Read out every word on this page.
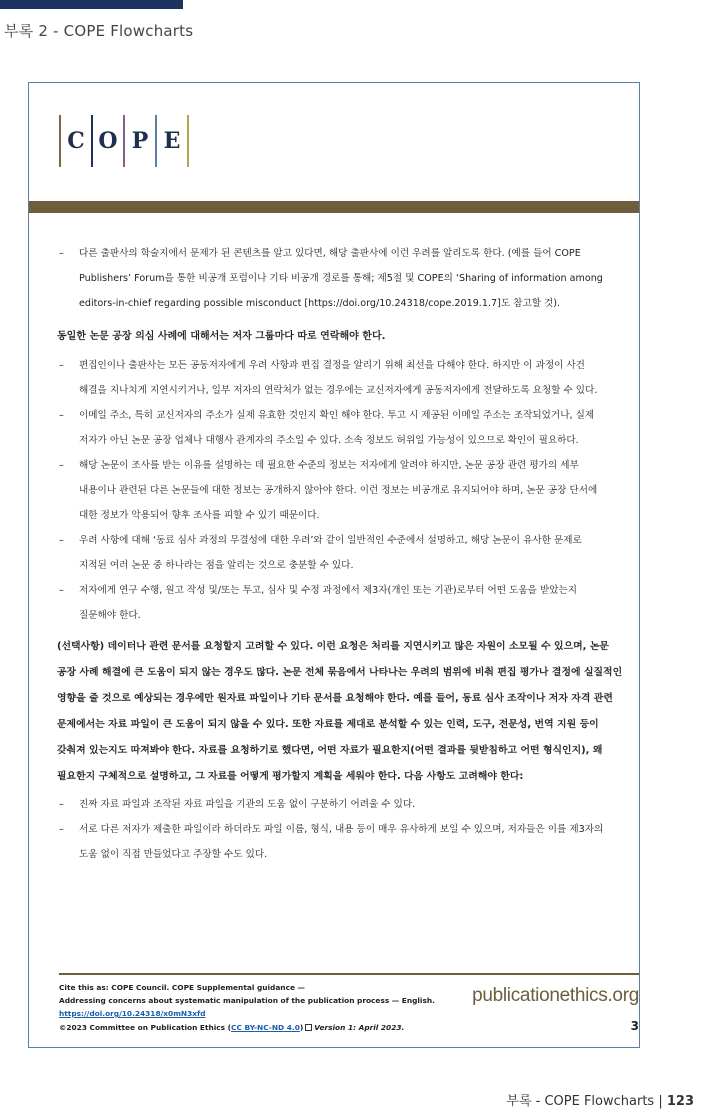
부록 2 - COPE Flowcharts
C O P E
– 다른 출판사의 학술지에서 문제가 된 콘텐츠를 알고 있다면, 해당 출판사에 이런 우려를 알리도록 한다. (예를 들어 COPE
Publishers’ Forum을 통한 비공개 포럼이나 기타 비공개 경로를 통해; 제5절 및 COPE의 ‘Sharing of information among
editors-in-chief regarding possible misconduct [https://doi.org/10.24318/cope.2019.1.7]도 참고할 것).
동일한 논문 공장 의심 사례에 대해서는 저자 그룹마다 따로 연락해야 한다.
– 편집인이나 출판사는 모든 공동저자에게 우려 사항과 편집 결정을 알리기 위해 최선을 다해야 한다. 하지만 이 과정이 사건
해결을 지나치게 지연시키거나, 일부 저자의 연락처가 없는 경우에는 교신저자에게 공동저자에게 전달하도록 요청할 수 있다.
– 이메일 주소, 특히 교신저자의 주소가 실제 유효한 것인지 확인 해야 한다. 투고 시 제공된 이메일 주소는 조작되었거나, 실제
저자가 아닌 논문 공장 업체나 대행사 관계자의 주소일 수 있다. 소속 정보도 허위일 가능성이 있으므로 확인이 필요하다.
– 해당 논문이 조사를 받는 이유를 설명하는 데 필요한 수준의 정보는 저자에게 알려야 하지만, 논문 공장 관련 평가의 세부
내용이나 관련된 다른 논문들에 대한 정보는 공개하지 않아야 한다. 이런 정보는 비공개로 유지되어야 하며, 논문 공장 단서에
대한 정보가 악용되어 향후 조사를 피할 수 있기 때문이다.
– 우려 사항에 대해 ‘동료 심사 과정의 무결성에 대한 우려’와 같이 일반적인 수준에서 설명하고, 해당 논문이 유사한 문제로
지적된 여러 논문 중 하나라는 점을 알리는 것으로 충분할 수 있다.
– 저자에게 연구 수행, 원고 작성 및/또는 투고, 심사 및 수정 과정에서 제3자(개인 또는 기관)로부터 어떤 도움을 받았는지
질문해야 한다.
(선택사항) 데이터나 관련 문서를 요청할지 고려할 수 있다. 이런 요청은 처리를 지연시키고 많은 자원이 소모될 수 있으며, 논문
공장 사례 해결에 큰 도움이 되지 않는 경우도 많다. 논문 전체 묶음에서 나타나는 우려의 범위에 비춰 편집 평가나 결정에 실질적인
영향을 줄 것으로 예상되는 경우에만 원자료 파일이나 기타 문서를 요청해야 한다. 예를 들어, 동료 심사 조작이나 저자 자격 관련
문제에서는 자료 파일이 큰 도움이 되지 않을 수 있다. 또한 자료를 제대로 분석할 수 있는 인력, 도구, 전문성, 번역 지원 등이
갖춰져 있는지도 따져봐야 한다. 자료를 요청하기로 했다면, 어떤 자료가 필요한지(어떤 결과를 뒷받침하고 어떤 형식인지), 왜
필요한지 구체적으로 설명하고, 그 자료를 어떻게 평가할지 계획을 세워야 한다. 다음 사항도 고려해야 한다:
– 진짜 자료 파일과 조작된 자료 파일을 기관의 도움 없이 구분하기 어려울 수 있다.
– 서로 다른 저자가 제출한 파일이라 하더라도 파일 이름, 형식, 내용 등이 매우 유사하게 보일 수 있으며, 저자들은 이를 제3자의
도움 없이 직접 만들었다고 주장할 수도 있다.
Cite this as: COPE Council. COPE Supplemental guidance —
Addressing concerns about systematic manipulation of the publication process — English.
https://doi.org/10.24318/x0mN3xfd
©2023 Committee on Publication Ethics (CC BY-NC-ND 4.0) Version 1: April 2023.
publicationethics.org
3
부록 - COPE Flowcharts | 123
